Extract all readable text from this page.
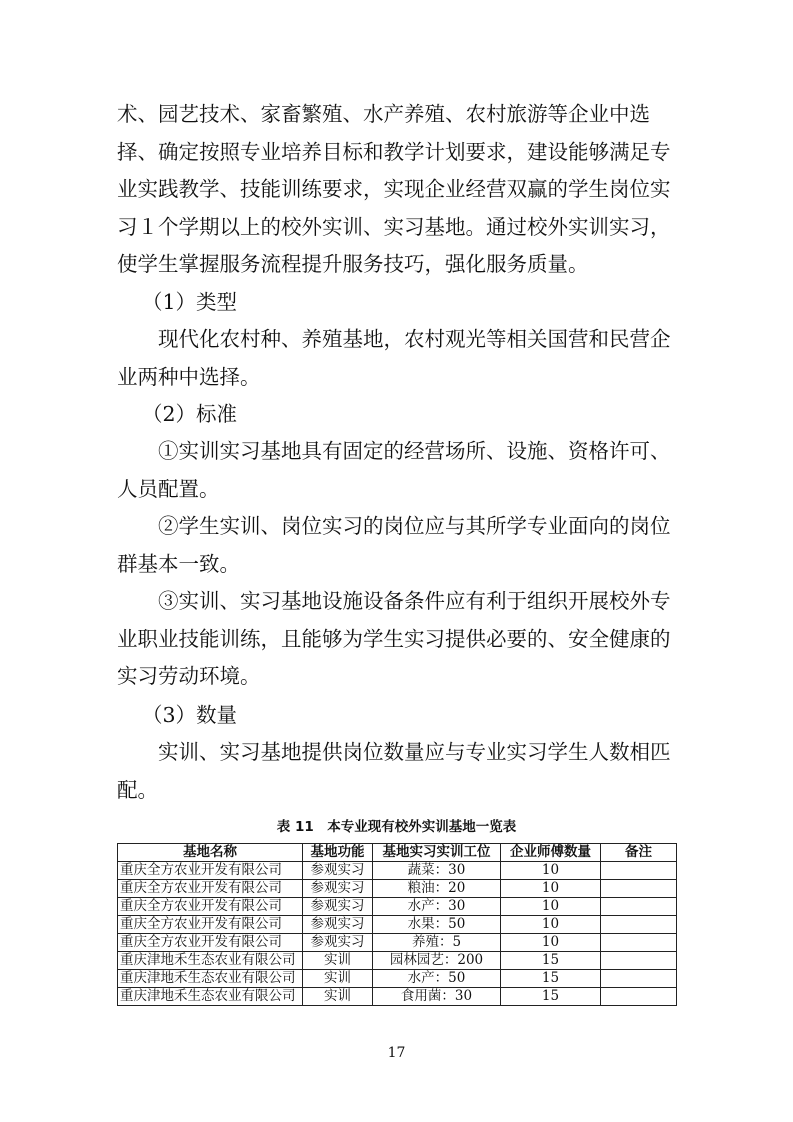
术、园艺技术、家畜繁殖、水产养殖、农村旅游等企业中选择、确定按照专业培养目标和教学计划要求，建设能够满足专业实践教学、技能训练要求，实现企业经营双赢的学生岗位实习１个学期以上的校外实训、实习基地。通过校外实训实习，使学生掌握服务流程提升服务技巧，强化服务质量。

（1）类型

现代化农村种、养殖基地，农村观光等相关国营和民营企业两种中选择。

（2）标准

①实训实习基地具有固定的经营场所、设施、资格许可、人员配置。

②学生实训、岗位实习的岗位应与其所学专业面向的岗位群基本一致。

③实训、实习基地设施设备条件应有利于组织开展校外专业职业技能训练，且能够为学生实习提供必要的、安全健康的实习劳动环境。

（3）数量

实训、实习基地提供岗位数量应与专业实习学生人数相匹配。

表 11　本专业现有校外实训基地一览表
基地名称	基地功能	基地实习实训工位	企业师傅数量	备注
重庆全方农业开发有限公司	参观实习	蔬菜：30	10	
重庆全方农业开发有限公司	参观实习	粮油：20	10	
重庆全方农业开发有限公司	参观实习	水产：30	10	
重庆全方农业开发有限公司	参观实习	水果：50	10	
重庆全方农业开发有限公司	参观实习	养殖：5	10	
重庆津地禾生态农业有限公司	实训	园林园艺：200	15	
重庆津地禾生态农业有限公司	实训	水产：50	15	
重庆津地禾生态农业有限公司	实训	食用菌：30	15	
17
